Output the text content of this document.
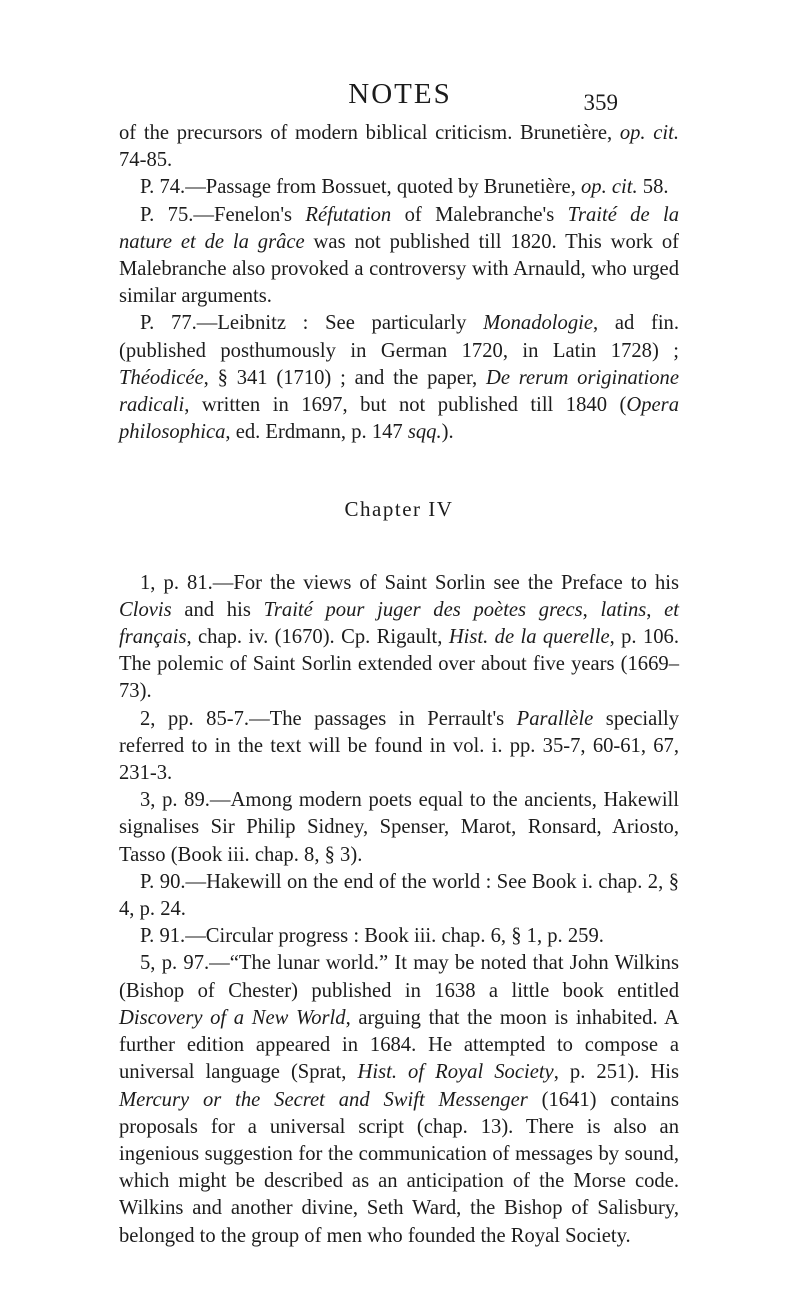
NOTES	359

of the precursors of modern biblical criticism. Brunetière, op. cit. 74-85.

P. 74.—Passage from Bossuet, quoted by Brunetière, op. cit. 58.

P. 75.—Fenelon's Réfutation of Malebranche's Traité de la nature et de la grâce was not published till 1820. This work of Malebranche also provoked a controversy with Arnauld, who urged similar arguments.

P. 77.—Leibnitz : See particularly Monadologie, ad fin. (published posthumously in German 1720, in Latin 1728) ; Théodicée, § 341 (1710) ; and the paper, De rerum originatione radicali, written in 1697, but not published till 1840 (Opera philosophica, ed. Erdmann, p. 147 sqq.).

Chapter IV

1, p. 81.—For the views of Saint Sorlin see the Preface to his Clovis and his Traité pour juger des poètes grecs, latins, et français, chap. iv. (1670). Cp. Rigault, Hist. de la querelle, p. 106. The polemic of Saint Sorlin extended over about five years (1669–73).

2, pp. 85-7.—The passages in Perrault's Parallèle specially referred to in the text will be found in vol. i. pp. 35-7, 60-61, 67, 231-3.

3, p. 89.—Among modern poets equal to the ancients, Hakewill signalises Sir Philip Sidney, Spenser, Marot, Ronsard, Ariosto, Tasso (Book iii. chap. 8, § 3).

P. 90.—Hakewill on the end of the world : See Book i. chap. 2, § 4, p. 24.

P. 91.—Circular progress : Book iii. chap. 6, § 1, p. 259.

5, p. 97.—“The lunar world.” It may be noted that John Wilkins (Bishop of Chester) published in 1638 a little book entitled Discovery of a New World, arguing that the moon is inhabited. A further edition appeared in 1684. He attempted to compose a universal language (Sprat, Hist. of Royal Society, p. 251). His Mercury or the Secret and Swift Messenger (1641) contains proposals for a universal script (chap. 13). There is also an ingenious suggestion for the communication of messages by sound, which might be described as an anticipation of the Morse code. Wilkins and another divine, Seth Ward, the Bishop of Salisbury, belonged to the group of men who founded the Royal Society.
